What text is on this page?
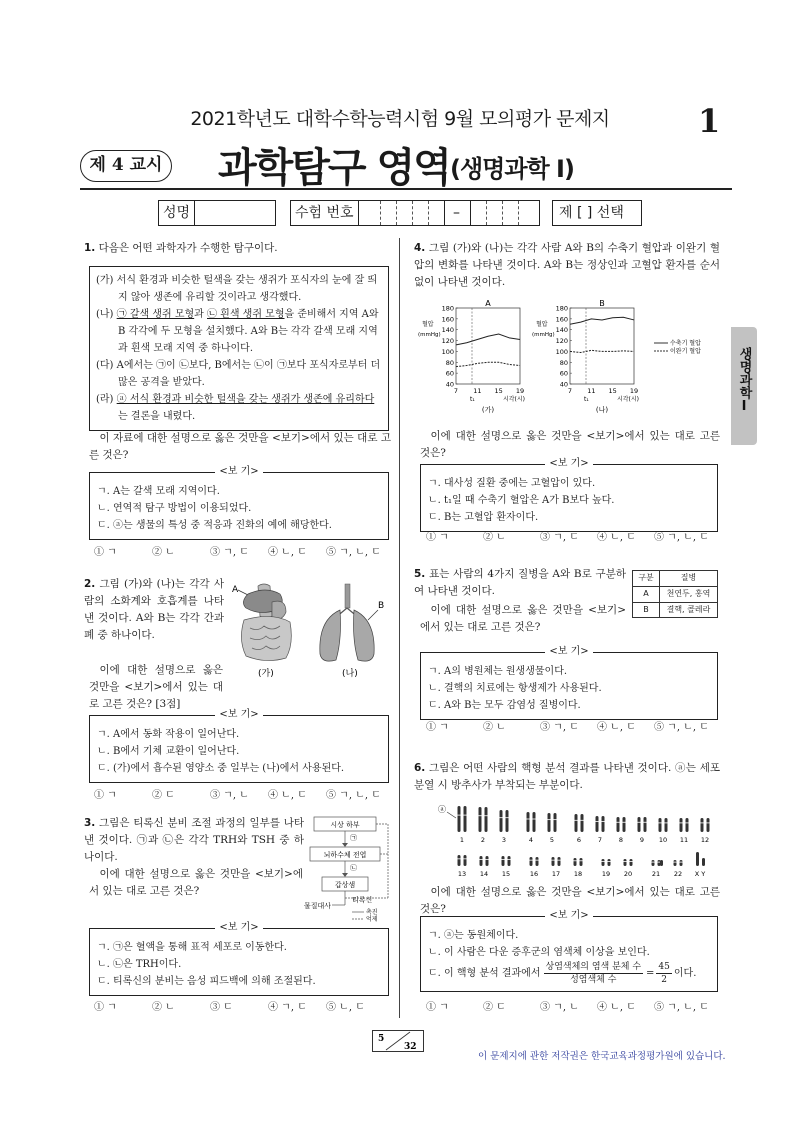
2021학년도 대학수학능력시험 9월 모의평가 문제지	1
제 4 교시 과학탐구 영역 (생명과학 Ⅰ)
성명	수험 번호	–	제 [ ] 선택
생명과학Ⅰ
1. 다음은 어떤 과학자가 수행한 탐구이다.
(가) 서식 환경과 비슷한 털색을 갖는 생쥐가 포식자의 눈에 잘 띄지 않아 생존에 유리할 것이라고 생각했다.
(나) ㉠ 갈색 생쥐 모형과 ㉡ 흰색 생쥐 모형을 준비해서 지역 A와 B 각각에 두 모형을 설치했다. A와 B는 각각 갈색 모래 지역과 흰색 모래 지역 중 하나이다.
(다) A에서는 ㉠이 ㉡보다, B에서는 ㉡이 ㉠보다 포식자로부터 더 많은 공격을 받았다.
(라) ⓐ 서식 환경과 비슷한 털색을 갖는 생쥐가 생존에 유리하다는 결론을 내렸다.
이 자료에 대한 설명으로 옳은 것만을 <보기>에서 있는 대로 고른 것은?
<보 기>
ㄱ. A는 갈색 모래 지역이다.
ㄴ. 연역적 탐구 방법이 이용되었다.
ㄷ. ⓐ는 생물의 특성 중 적응과 진화의 예에 해당한다.
① ㄱ	② ㄴ	③ ㄱ, ㄷ ④ ㄴ, ㄷ ⑤ ㄱ, ㄴ, ㄷ
2. 그림 (가)와 (나)는 각각 사람의 소화계와 호흡계를 나타낸 것이다. A와 B는 각각 간과 폐 중 하나이다.
이에 대한 설명으로 옳은 것만을 <보기>에서 있는 대로 고른 것은? [3점]
A
(가)
B
(나)
<보 기>
ㄱ. A에서 동화 작용이 일어난다.
ㄴ. B에서 기체 교환이 일어난다.
ㄷ. (가)에서 흡수된 영양소 중 일부는 (나)에서 사용된다.
① ㄱ	② ㄷ	③ ㄱ, ㄴ ④ ㄴ, ㄷ ⑤ ㄱ, ㄴ, ㄷ
3. 그림은 티록신 분비 조절 과정의 일부를 나타낸 것이다. ㉠과 ㉡은 각각 TRH와 TSH 중 하나이다.
이에 대한 설명으로 옳은 것만을 <보기>에서 있는 대로 고른 것은?
시상 하부
㉠
뇌하수체 전엽
㉡
갑상샘
티록신
물질대사
촉진
억제
<보 기>
ㄱ. ㉠은 혈액을 통해 표적 세포로 이동한다.
ㄴ. ㉡은 TRH이다.
ㄷ. 티록신의 분비는 음성 피드백에 의해 조절된다.
① ㄱ	② ㄴ	③ ㄷ	④ ㄱ, ㄷ ⑤ ㄴ, ㄷ
4. 그림 (가)와 (나)는 각각 사람 A와 B의 수축기 혈압과 이완기 혈압의 변화를 나타낸 것이다. A와 B는 정상인과 고혈압 환자를 순서 없이 나타낸 것이다.
180
160
140
120
100
80
60
40
혈압
(mmHg)
7 11 15 19
시각(시)
t₁
A
(가)
180
160
140
120
100
80
60
40
혈압
(mmHg)
7 11 15 19
시각(시)
t₁
B
(나)
수축기 혈압
이완기 혈압
이에 대한 설명으로 옳은 것만을 <보기>에서 있는 대로 고른 것은?
<보 기>
ㄱ. 대사성 질환 중에는 고혈압이 있다.
ㄴ. t₁일 때 수축기 혈압은 A가 B보다 높다.
ㄷ. B는 고혈압 환자이다.
① ㄱ	② ㄴ	③ ㄱ, ㄷ ④ ㄴ, ㄷ ⑤ ㄱ, ㄴ, ㄷ
5. 표는 사람의 4가지 질병을 A와 B로 구분하여 나타낸 것이다.
이에 대한 설명으로 옳은 것만을 <보기>에서 있는 대로 고른 것은?
구분	질병
A	천연두, 홍역
B	결핵, 콜레라
<보 기>
ㄱ. A의 병원체는 원생생물이다.
ㄴ. 결핵의 치료에는 항생제가 사용된다.
ㄷ. A와 B는 모두 감염성 질병이다.
① ㄱ	② ㄴ	③ ㄱ, ㄷ ④ ㄴ, ㄷ ⑤ ㄱ, ㄴ, ㄷ
6. 그림은 어떤 사람의 핵형 분석 결과를 나타낸 것이다. ⓐ는 세포 분열 시 방추사가 부착되는 부분이다.
ⓐ
1	2	3	4	5	6	7	8	9 10 11 12
13 14 15	16 17 18	19 20	21 22 X Y
이에 대한 설명으로 옳은 것만을 <보기>에서 있는 대로 고른 것은?
<보 기>
ㄱ. ⓐ는 동원체이다.
ㄴ. 이 사람은 다운 증후군의 염색체 이상을 보인다.
ㄷ. 이 핵형 분석 결과에서
상염색체의 염색 분체 수
성염색체 수
= $\frac{45}{2}$ 이다.
① ㄱ	② ㄷ	③ ㄱ, ㄴ ④ ㄴ, ㄷ ⑤ ㄱ, ㄴ, ㄷ
5
32
이 문제지에 관한 저작권은 한국교육과정평가원에 있습니다.
